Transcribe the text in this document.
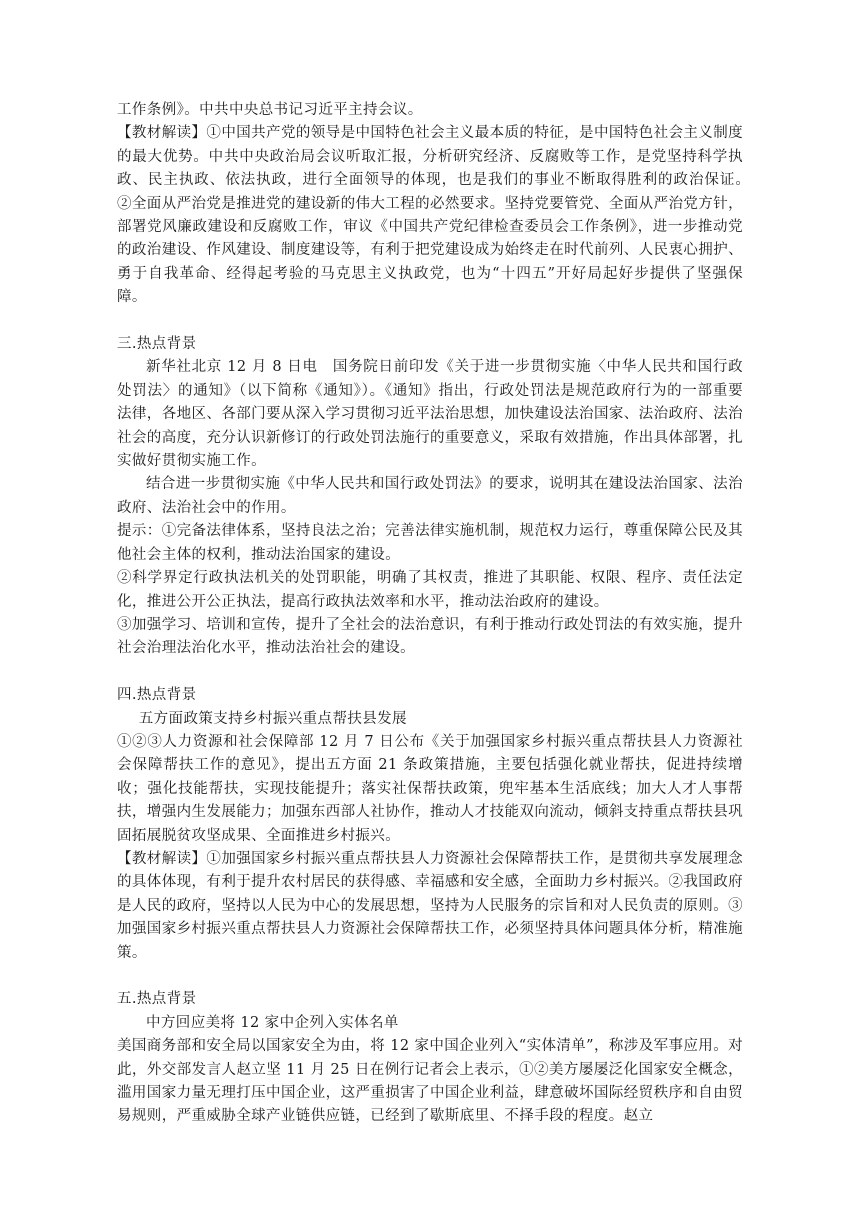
工作条例》。中共中央总书记习近平主持会议。

【教材解读】①中国共产党的领导是中国特色社会主义最本质的特征，是中国特色社会主义制度的最大优势。中共中央政治局会议听取汇报，分析研究经济、反腐败等工作，是党坚持科学执政、民主执政、依法执政，进行全面领导的体现，也是我们的事业不断取得胜利的政治保证。　　②全面从严治党是推进党的建设新的伟大工程的必然要求。坚持党要管党、全面从严治党方针，部署党风廉政建设和反腐败工作，审议《中国共产党纪律检查委员会工作条例》，进一步推动党的政治建设、作风建设、制度建设等，有利于把党建设成为始终走在时代前列、人民衷心拥护、勇于自我革命、经得起考验的马克思主义执政党，也为“十四五”开好局起好步提供了坚强保障。

三.热点背景

新华社北京 12 月 8 日电　国务院日前印发《关于进一步贯彻实施〈中华人民共和国行政处罚法〉的通知》（以下简称《通知》）。《通知》指出，行政处罚法是规范政府行为的一部重要法律，各地区、各部门要从深入学习贯彻习近平法治思想，加快建设法治国家、法治政府、法治社会的高度，充分认识新修订的行政处罚法施行的重要意义，采取有效措施，作出具体部署，扎实做好贯彻实施工作。

结合进一步贯彻实施《中华人民共和国行政处罚法》的要求，说明其在建设法治国家、法治政府、法治社会中的作用。

提示：①完备法律体系，坚持良法之治；完善法律实施机制，规范权力运行，尊重保障公民及其他社会主体的权利，推动法治国家的建设。

②科学界定行政执法机关的处罚职能，明确了其权责，推进了其职能、权限、程序、责任法定化，推进公开公正执法，提高行政执法效率和水平，推动法治政府的建设。

③加强学习、培训和宣传，提升了全社会的法治意识，有利于推动行政处罚法的有效实施，提升社会治理法治化水平，推动法治社会的建设。

四.热点背景

五方面政策支持乡村振兴重点帮扶县发展

①②③人力资源和社会保障部 12 月 7 日公布《关于加强国家乡村振兴重点帮扶县人力资源社会保障帮扶工作的意见》，提出五方面 21 条政策措施，主要包括强化就业帮扶，促进持续增收；强化技能帮扶，实现技能提升；落实社保帮扶政策，兜牢基本生活底线；加大人才人事帮扶，增强内生发展能力；加强东西部人社协作，推动人才技能双向流动，倾斜支持重点帮扶县巩固拓展脱贫攻坚成果、全面推进乡村振兴。

【教材解读】①加强国家乡村振兴重点帮扶县人力资源社会保障帮扶工作，是贯彻共享发展理念的具体体现，有利于提升农村居民的获得感、幸福感和安全感，全面助力乡村振兴。②我国政府是人民的政府，坚持以人民为中心的发展思想，坚持为人民服务的宗旨和对人民负责的原则。③加强国家乡村振兴重点帮扶县人力资源社会保障帮扶工作，必须坚持具体问题具体分析，精准施策。

五.热点背景

中方回应美将 12 家中企列入实体名单

美国商务部和安全局以国家安全为由，将 12 家中国企业列入“实体清单”，称涉及军事应用。对此，外交部发言人赵立坚 11 月 25 日在例行记者会上表示，①②美方屡屡泛化国家安全概念，滥用国家力量无理打压中国企业，这严重损害了中国企业利益，肆意破坏国际经贸秩序和自由贸易规则，严重威胁全球产业链供应链，已经到了歇斯底里、不择手段的程度。赵立
